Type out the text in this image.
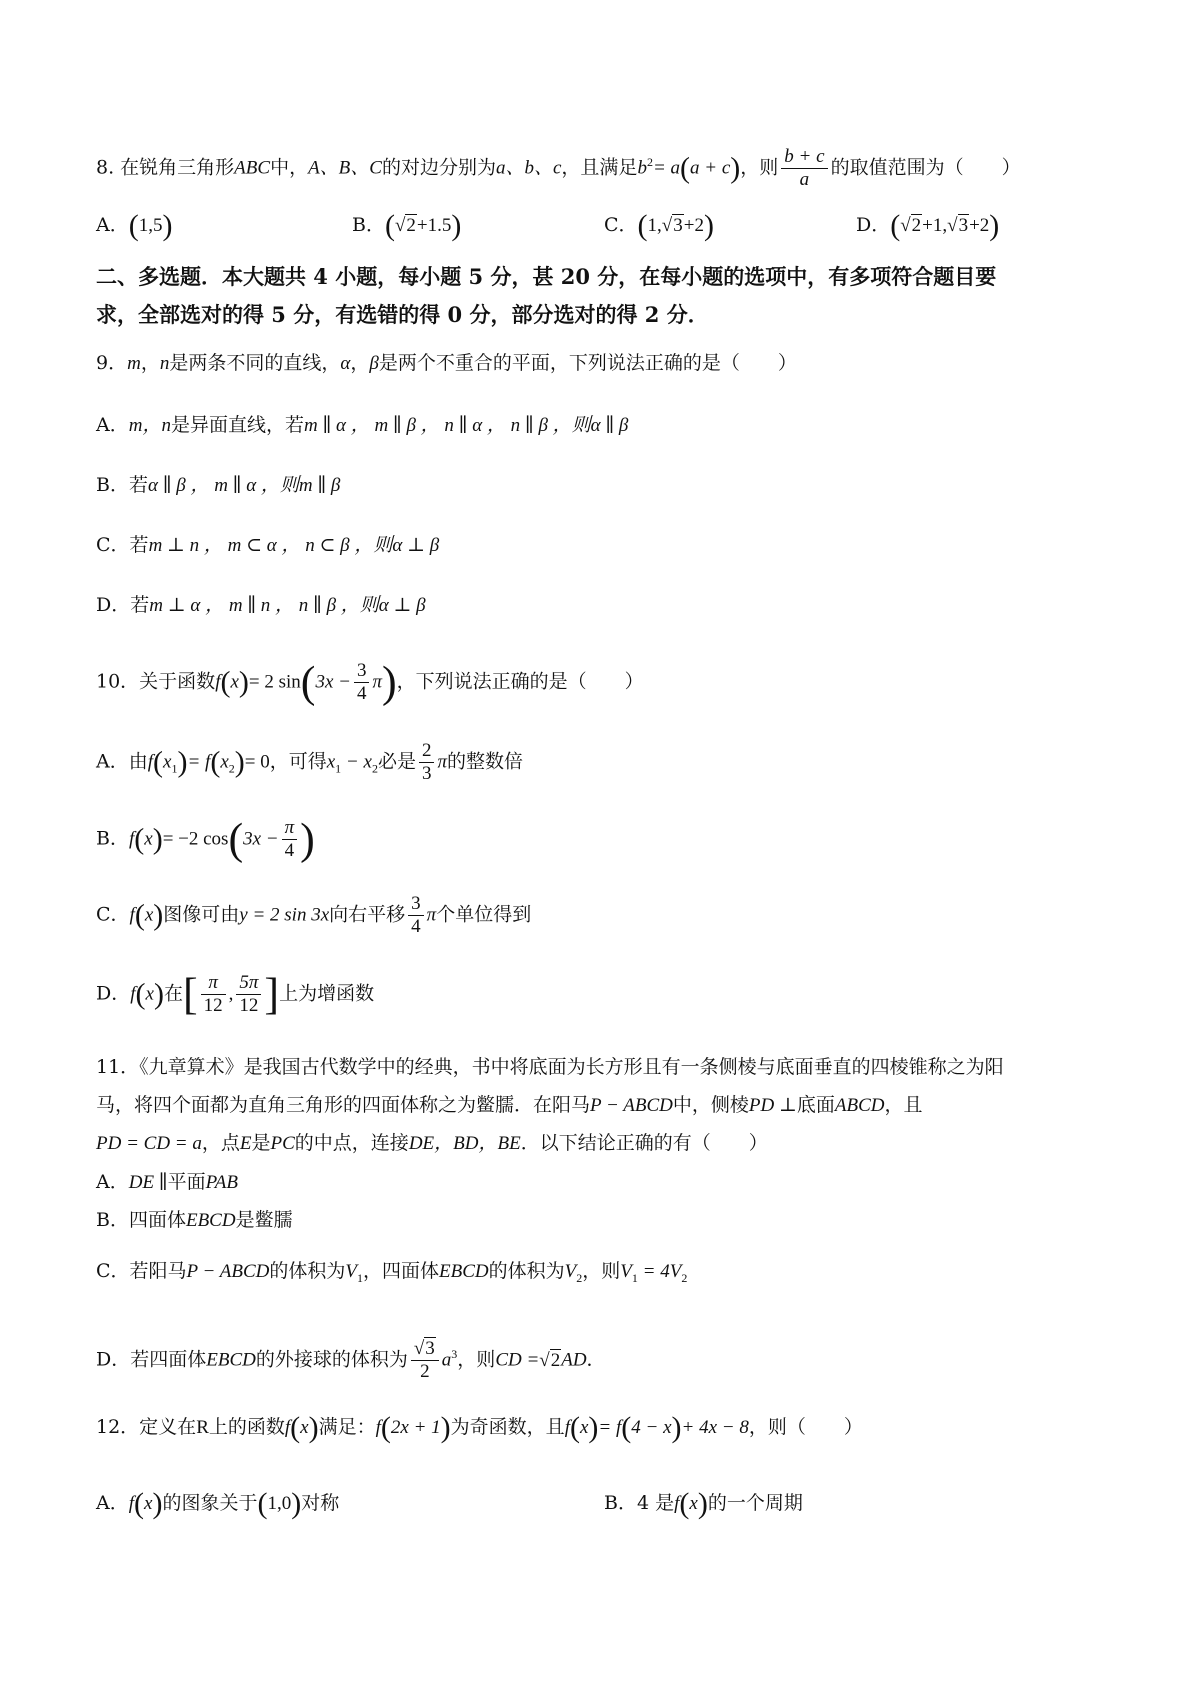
8. 在锐角三角形ABC中，A、B、C的对边分别为a、b、c，且满足$b^2= a(a + c)$，则 $\frac{b + c}{a}$ 的取值范围为（　　）
A．(1,5)	B．(√2+1.5)	C．(1,√3+2)	D．(√2+1,√3+2)
二、多选题．本大题共 4 小题，每小题 5 分，甚 20 分，在每小题的选项中，有多项符合题目要
求，全部选对的得 5 分，有选错的得 0 分，部分选对的得 2 分．
9．m，n是两条不同的直线，α，β是两个不重合的平面，下列说法正确的是（　　）
A．m，n是异面直线，若m ∥ α ， m ∥ β ， n ∥ α ， n ∥ β ，则α ∥ β
B．若α ∥ β ， m ∥ α ，则m ∥ β
C．若m ⊥ n ， m ⊂ α ， n ⊂ β ，则α ⊥ β
D．若m ⊥ α ， m ∥ n ， n ∥ β ，则α ⊥ β
10．关于函数f(x)= 2 $\sin(3x - \frac{3}{4} \pi)$，下列说法正确的是（　　）
A．由$f(x_1)= f(x_2)= 0$，可得$x_1 - x_2$必是 $\frac{2}{3}$ π的整数倍
B．f(x)= −2 $\cos(3x - \frac{\pi}{4}$ )
C．f(x)图像可由y = 2 sin 3x向右平移 $\frac{3}{4}$ π个单位得到
D．f(x)在[ $\frac{\pi}{12}$ , $\frac{5\pi}{12}$ ]上为增函数
11．《九章算术》是我国古代数学中的经典，书中将底面为长方形且有一条侧棱与底面垂直的四棱锥称之为阳
马，将四个面都为直角三角形的四面体称之为鳖臑．在阳马P − ABCD中，侧棱PD ⊥底面ABCD，且
PD = CD = a，点E是PC的中点，连接DE，BD，BE．以下结论正确的有（　　）
A．DE ∥平面PAB
B．四面体EBCD是鳖臑
C．若阳马P − ABCD的体积为$V_1$，四面体EBCD的体积为$V_2$，则$V_1 = 4V_2$
D．若四面体EBCD的外接球的体积为 $\frac{√3}{2} a^3$，则CD =√2AD．
12．定义在R上的函数f(x)满足：f(2x + 1)为奇函数，且f(x)= f(4 − x)+ 4x − 8，则（　　）
A．f(x)的图象关于(1,0)对称	B．4 是f(x)的一个周期
